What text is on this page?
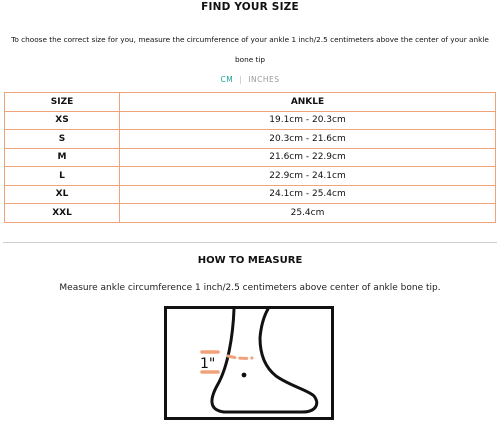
FIND YOUR SIZE
To choose the correct size for you, measure the circumference of your ankle 1 inch/2.5 centimeters above the center of your ankle bone tip
CM | INCHES
SIZE	ANKLE
XS	19.1cm - 20.3cm
S	20.3cm - 21.6cm
M	21.6cm - 22.9cm
L	22.9cm - 24.1cm
XL	24.1cm - 25.4cm
XXL	25.4cm
HOW TO MEASURE
Measure ankle circumference 1 inch/2.5 centimeters above center of ankle bone tip.
1"
